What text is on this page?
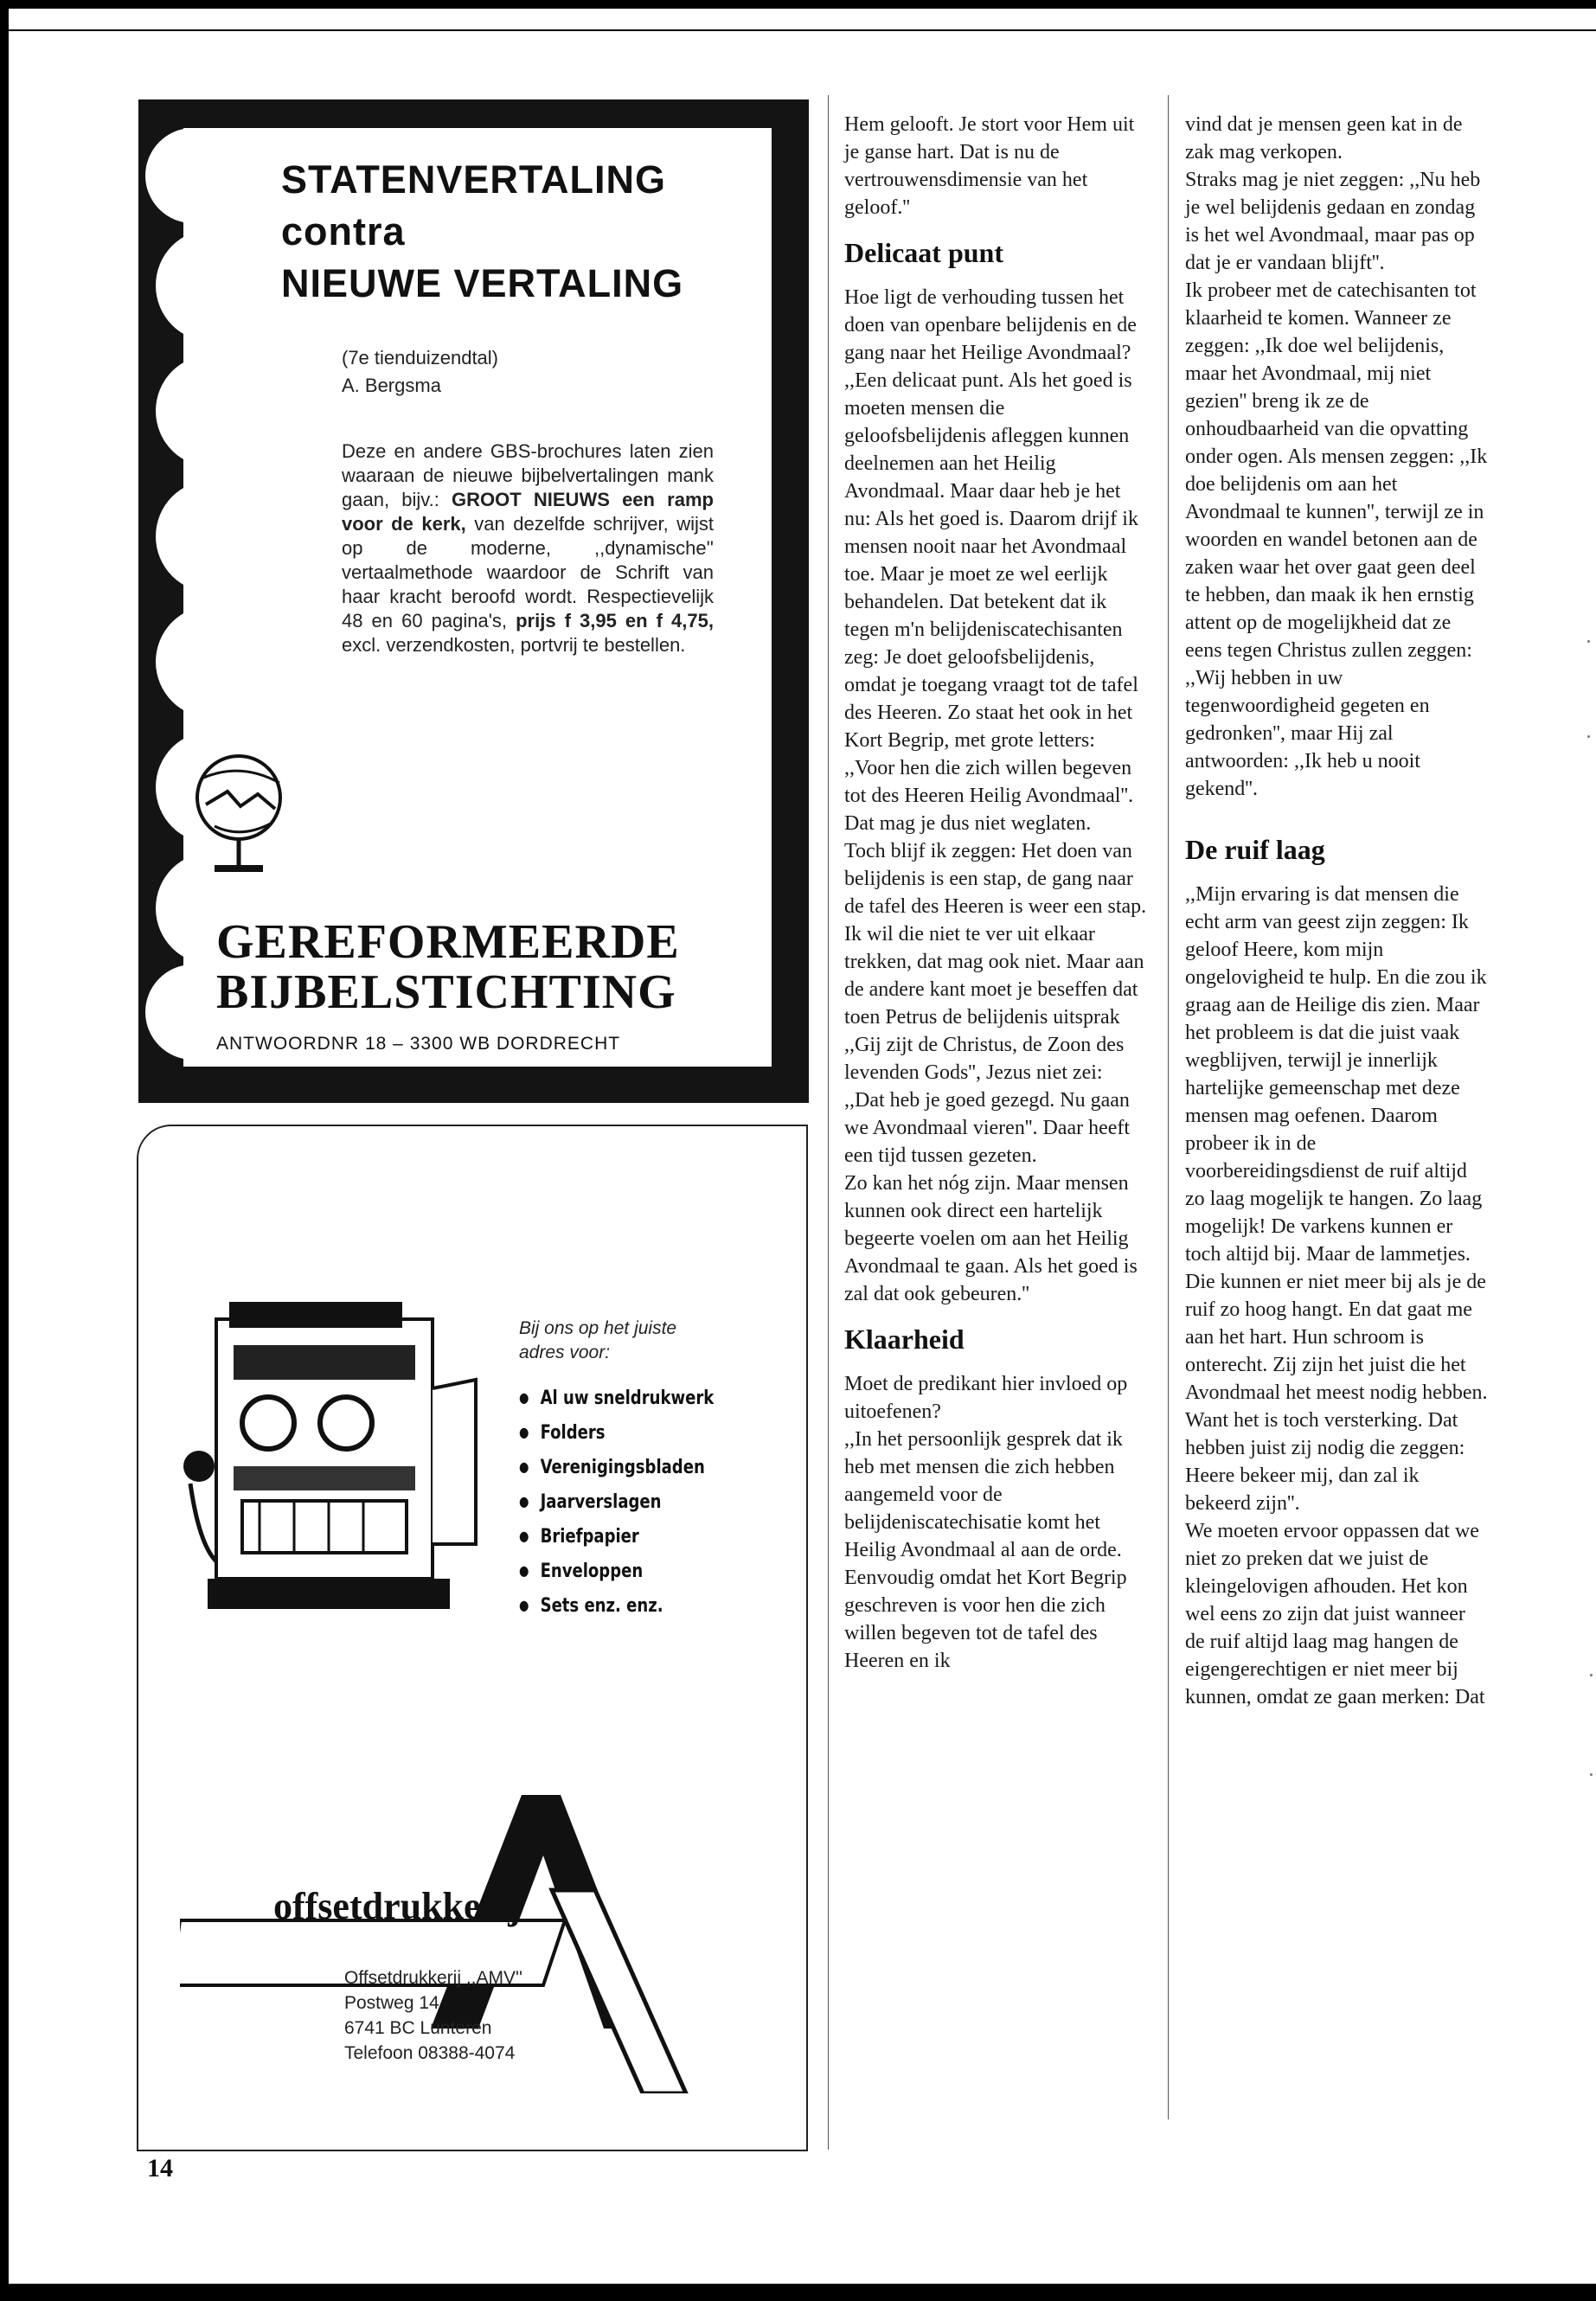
STATENVERTALING
contra
NIEUWE VERTALING
(7e tienduizendtal)
A. Bergsma
Deze en andere GBS-brochures laten zien waaraan de nieuwe bijbelvertalingen mank gaan, bijv.: GROOT NIEUWS een ramp voor de kerk, van dezelfde schrijver, wijst op de moderne, ,,dynamische'' vertaalmethode waardoor de Schrift van haar kracht beroofd wordt. Respectievelijk 48 en 60 pagina's, prijs f 3,95 en f 4,75, excl. verzendkosten, portvrij te bestellen.
GEREFORMEERDE
BIJBELSTICHTING
ANTWOORDNR 18 – 3300 WB DORDRECHT
Bij ons op het juiste
adres voor:
● Al uw sneldrukwerk
● Folders
● Verenigingsbladen
● Jaarverslagen
● Briefpapier
● Enveloppen
● Sets enz. enz.
offsetdrukkerij
Offsetdrukkerij ,,AMV''
Postweg 14
6741 BC Lunteren
Telefoon 08388-4074

Hem gelooft. Je stort voor Hem uit je ganse hart. Dat is nu de vertrouwensdimensie van het geloof.''

Delicaat punt

Hoe ligt de verhouding tussen het doen van openbare belijdenis en de gang naar het Heilige Avondmaal?

,,Een delicaat punt. Als het goed is moeten mensen die geloofsbelijdenis afleggen kunnen deelnemen aan het Heilig Avondmaal. Maar daar heb je het nu: Als het goed is. Daarom drijf ik mensen nooit naar het Avondmaal toe. Maar je moet ze wel eerlijk behandelen. Dat betekent dat ik tegen m'n belijdeniscatechisanten zeg: Je doet geloofsbelijdenis, omdat je toegang vraagt tot de tafel des Heeren. Zo staat het ook in het Kort Begrip, met grote letters: ,,Voor hen die zich willen begeven tot des Heeren Heilig Avondmaal''. Dat mag je dus niet weglaten.

Toch blijf ik zeggen: Het doen van belijdenis is een stap, de gang naar de tafel des Heeren is weer een stap. Ik wil die niet te ver uit elkaar trekken, dat mag ook niet. Maar aan de andere kant moet je beseffen dat toen Petrus de belijdenis uitsprak ,,Gij zijt de Christus, de Zoon des levenden Gods'', Jezus niet zei: ,,Dat heb je goed gezegd. Nu gaan we Avondmaal vieren''. Daar heeft een tijd tussen gezeten.

Zo kan het nóg zijn. Maar mensen kunnen ook direct een hartelijk begeerte voelen om aan het Heilig Avondmaal te gaan. Als het goed is zal dat ook gebeuren.''

Klaarheid

Moet de predikant hier invloed op uitoefenen?

,,In het persoonlijk gesprek dat ik heb met mensen die zich hebben aangemeld voor de belijdeniscatechisatie komt het Heilig Avondmaal al aan de orde. Eenvoudig omdat het Kort Begrip geschreven is voor hen die zich willen begeven tot de tafel des Heeren en ik

vind dat je mensen geen kat in de zak mag verkopen.

Straks mag je niet zeggen: ,,Nu heb je wel belijdenis gedaan en zondag is het wel Avondmaal, maar pas op dat je er vandaan blijft''.

Ik probeer met de catechisanten tot klaarheid te komen. Wanneer ze zeggen: ,,Ik doe wel belijdenis, maar het Avondmaal, mij niet gezien'' breng ik ze de onhoudbaarheid van die opvatting onder ogen. Als mensen zeggen: ,,Ik doe belijdenis om aan het Avondmaal te kunnen'', terwijl ze in woorden en wandel betonen aan de zaken waar het over gaat geen deel te hebben, dan maak ik hen ernstig attent op de mogelijkheid dat ze eens tegen Christus zullen zeggen: ,,Wij hebben in uw tegenwoordigheid gegeten en gedronken'', maar Hij zal antwoorden: ,,Ik heb u nooit gekend''.

De ruif laag

,,Mijn ervaring is dat mensen die echt arm van geest zijn zeggen: Ik geloof Heere, kom mijn ongelovigheid te hulp. En die zou ik graag aan de Heilige dis zien. Maar het probleem is dat die juist vaak wegblijven, terwijl je innerlijk hartelijke gemeenschap met deze mensen mag oefenen. Daarom probeer ik in de voorbereidingsdienst de ruif altijd zo laag mogelijk te hangen. Zo laag mogelijk! De varkens kunnen er toch altijd bij. Maar de lammetjes. Die kunnen er niet meer bij als je de ruif zo hoog hangt. En dat gaat me aan het hart. Hun schroom is onterecht. Zij zijn het juist die het Avondmaal het meest nodig hebben. Want het is toch versterking. Dat hebben juist zij nodig die zeggen: Heere bekeer mij, dan zal ik bekeerd zijn''.

We moeten ervoor oppassen dat we niet zo preken dat we juist de kleingelovigen afhouden. Het kon wel eens zo zijn dat juist wanneer de ruif altijd laag mag hangen de eigengerechtigen er niet meer bij kunnen, omdat ze gaan merken: Dat

14
